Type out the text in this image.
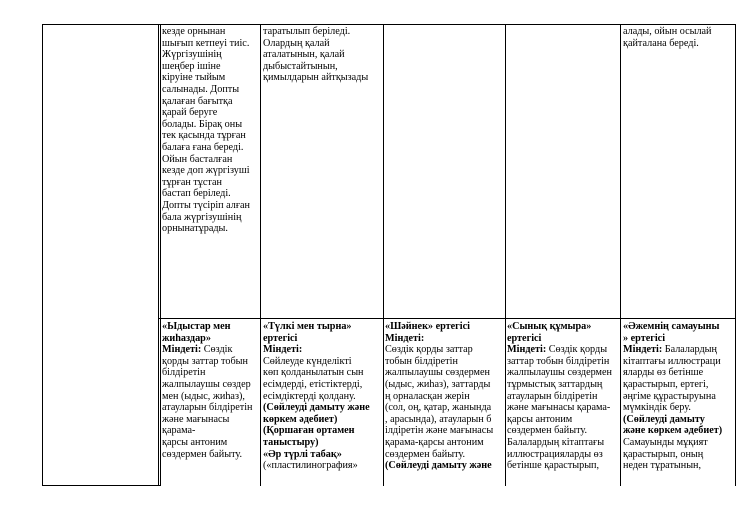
кезде орнынан
шығып кетпеуі тиіс.
Жүргізушінің
шеңбер ішіне
кіруіне тыйым
салынады. Допты
қалаған бағытқа
қарай беруге
болады. Бірақ оны
тек қасында тұрған
балаға ғана береді.
Ойын басталған
кезде доп жүргізуші
тұрған тұстан
бастап беріледі.
Допты түсіріп алған
бала жүргізушінің
орнынатұрады.
таратылып беріледі.
Олардың қалай
аталатынын, қалай
дыбыстайтынын,
қимылдарын айтқызады
алады, ойын осылай
қайталана береді.
«Ыдыстар мен
жиһаздар»
Міндеті: Сөздік
қорды заттар тобын
білдіретін
жалпылаушы сөздер
мен (ыдыс, жиһаз),
атауларын білдіретін
және мағынасы
қарама-
қарсы антоним
сөздермен байыту.
«Түлкі мен тырна»
ертегісі
Міндеті:
Сөйлеуде күнделікті
көп қолданылатын сын
есімдерді, етістіктерді,
есімдіктерді қолдану.
(Сөйлеуді дамыту және
көркем әдебиет)
(Қоршаған ортамен
таныстыру)
«Әр түрлі табақ»
(«пластилинография»
«Шәйнек» ертегісі
Міндеті:
Сөздік қорды заттар
тобын білдіретін
жалпылаушы сөздермен
(ыдыс, жиһаз), заттарды
ң орналасқан жерін
(сол, оң, қатар, жанында
, арасында), атауларын б
ілдіретін және мағынасы
қарама-қарсы антоним
сөздермен байыту.
(Сөйлеуді дамыту және
«Сынық құмыра»
ертегісі
Міндеті: Сөздік қорды
заттар тобын білдіретін
жалпылаушы сөздермен
тұрмыстық заттардың
атауларын білдіретін
және мағынасы қарама-
қарсы антоним
сөздермен байыту.
Балалардың кітаптағы
иллюстрацияларды өз
бетінше қарастырып,
«Әжемнің самауыны
» ертегісі
Міндеті: Балалардың
кітаптағы иллюстраци
яларды өз бетінше
қарастырып, ертегі,
әңгіме құрастыруына
мүмкіндік беру.
(Сөйлеуді дамыту
және көркем әдебиет)
Самауынды мұқият
қарастырып, оның
неден тұратынын,
